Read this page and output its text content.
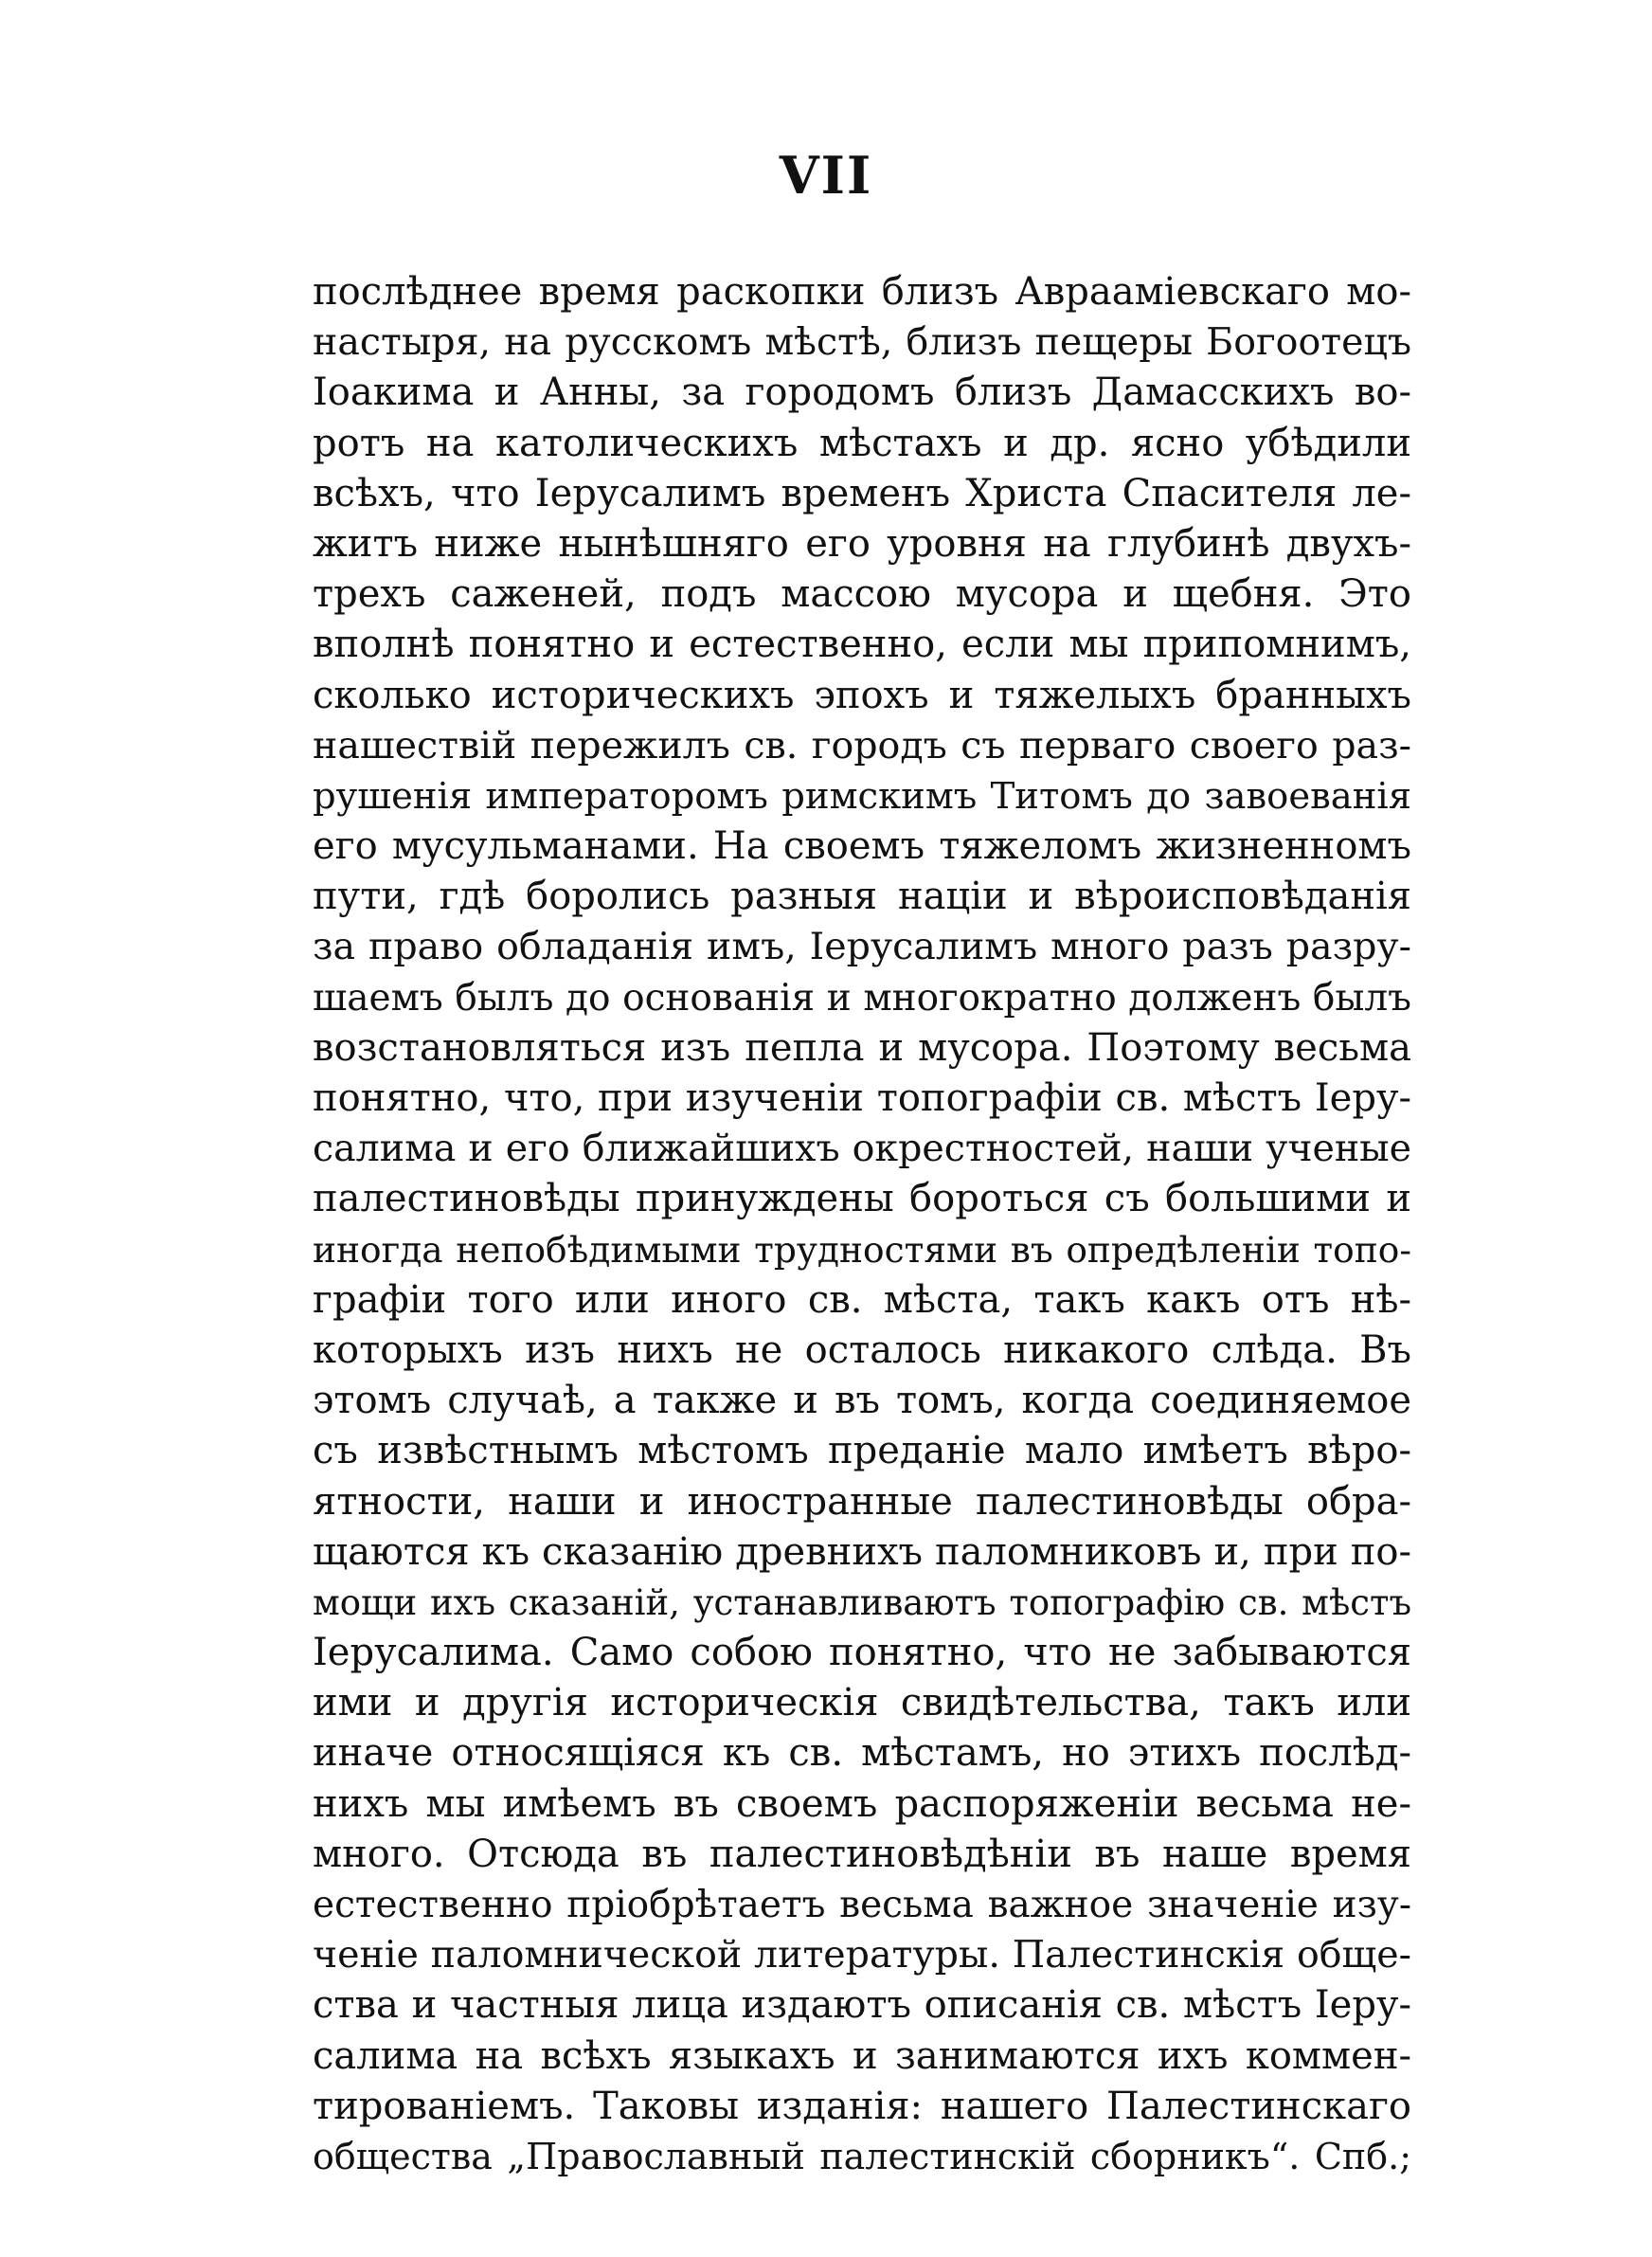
VII
послѣднее время раскопки близъ Авраамiевскаго мо-
настыря, на русскомъ мѣстѣ, близъ пещеры Богоотецъ
Іоакима и Анны, за городомъ близъ Дамасскихъ во-
ротъ на католическихъ мѣстахъ и др. ясно убѣдили
всѣхъ, что Іерусалимъ временъ Христа Спасителя ле-
житъ ниже нынѣшняго его уровня на глубинѣ двухъ-
трехъ саженей, подъ массою мусора и щебня. Это
вполнѣ понятно и естественно, если мы припомнимъ,
сколько историческихъ эпохъ и тяжелыхъ бранныхъ
нашествiй пережилъ св. городъ съ перваго своего раз-
рушенiя императоромъ римскимъ Титомъ до завоеванiя
его мусульманами. На своемъ тяжеломъ жизненномъ
пути, гдѣ боролись разныя нацiи и вѣроисповѣданiя
за право обладанiя имъ, Іерусалимъ много разъ разру-
шаемъ былъ до основанiя и многократно долженъ былъ
возстановляться изъ пепла и мусора. Поэтому весьма
понятно, что, при изученiи топографiи св. мѣстъ Іеру-
салима и его ближайшихъ окрестностей, наши ученые
палестиновѣды принуждены бороться съ большими и
иногда непобѣдимыми трудностями въ опредѣленiи топо-
графiи того или иного св. мѣста, такъ какъ отъ нѣ-
которыхъ изъ нихъ не осталось никакого слѣда. Въ
этомъ случаѣ, а также и въ томъ, когда соединяемое
съ извѣстнымъ мѣстомъ преданiе мало имѣетъ вѣро-
ятности, наши и иностранные палестиновѣды обра-
щаются къ сказанiю древнихъ паломниковъ и, при по-
мощи ихъ сказанiй, устанавливаютъ топографiю св. мѣстъ
Іерусалима. Само собою понятно, что не забываются
ими и другiя историческiя свидѣтельства, такъ или
иначе относящiяся къ св. мѣстамъ, но этихъ послѣд-
нихъ мы имѣемъ въ своемъ распоряженiи весьма не-
много. Отсюда въ палестиновѣдѣнiи въ наше время
естественно прiобрѣтаетъ весьма важное значенiе изу-
ченiе паломнической литературы. Палестинскiя обще-
ства и частныя лица издаютъ описанiя св. мѣстъ Іеру-
салима на всѣхъ языкахъ и занимаются ихъ коммен-
тированiемъ. Таковы изданiя: нашего Палестинскаго
общества „Православный палестинскiй сборникъ“. Спб.;
